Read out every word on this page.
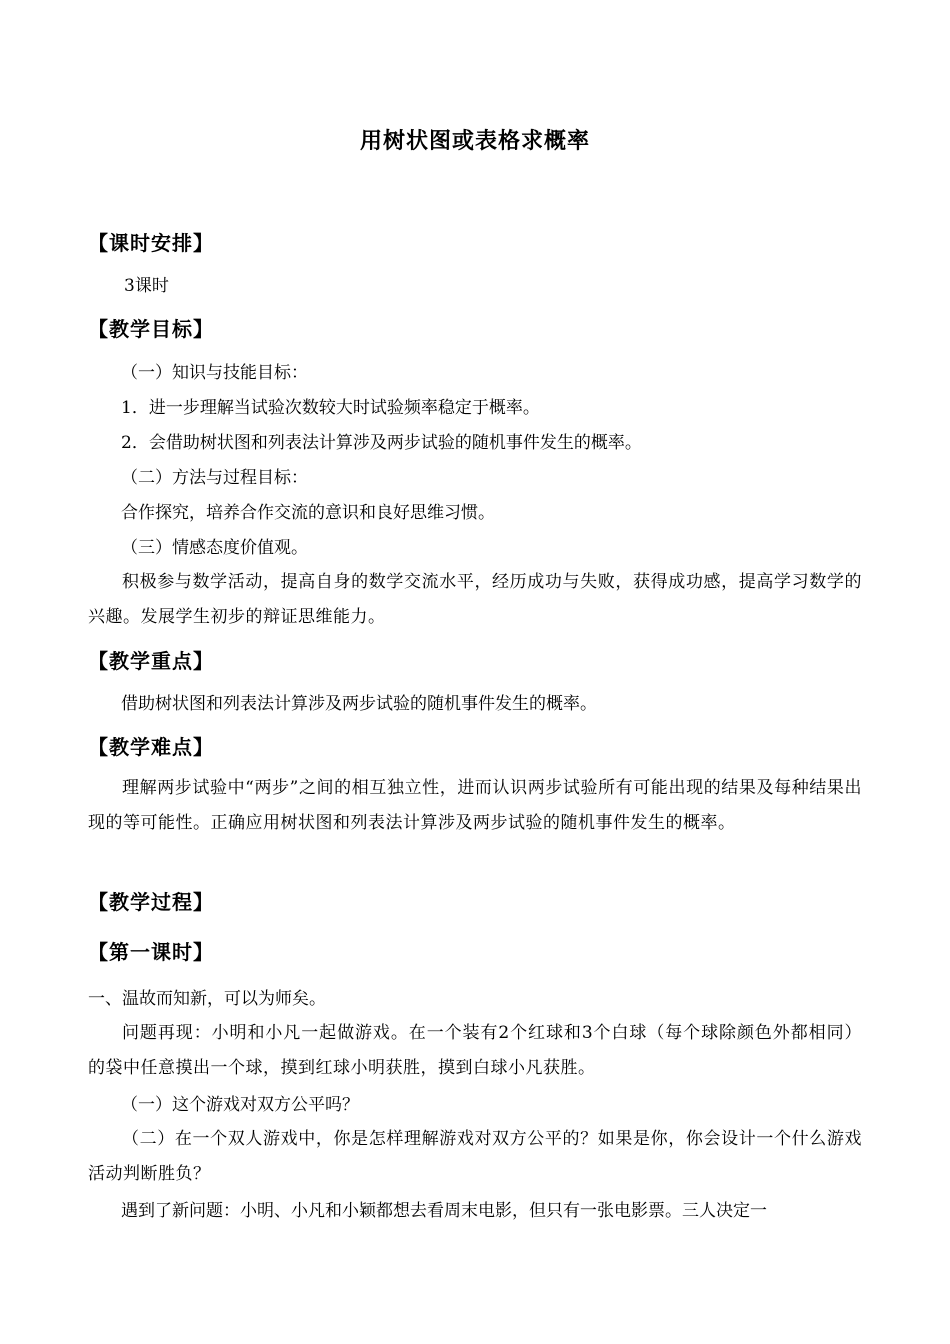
用树状图或表格求概率
【课时安排】
3课时
【教学目标】
（一）知识与技能目标：
1．进一步理解当试验次数较大时试验频率稳定于概率。
2．会借助树状图和列表法计算涉及两步试验的随机事件发生的概率。
（二）方法与过程目标：
合作探究，培养合作交流的意识和良好思维习惯。
（三）情感态度价值观。
积极参与数学活动，提高自身的数学交流水平，经历成功与失败，获得成功感，提高学习数学的兴趣。发展学生初步的辩证思维能力。
【教学重点】
借助树状图和列表法计算涉及两步试验的随机事件发生的概率。
【教学难点】
理解两步试验中“两步”之间的相互独立性，进而认识两步试验所有可能出现的结果及每种结果出现的等可能性。正确应用树状图和列表法计算涉及两步试验的随机事件发生的概率。
【教学过程】
【第一课时】
一、温故而知新，可以为师矣。
问题再现：小明和小凡一起做游戏。在一个装有2个红球和3个白球（每个球除颜色外都相同）的袋中任意摸出一个球，摸到红球小明获胜，摸到白球小凡获胜。
（一）这个游戏对双方公平吗？
（二）在一个双人游戏中，你是怎样理解游戏对双方公平的？如果是你，你会设计一个什么游戏活动判断胜负？
遇到了新问题：小明、小凡和小颖都想去看周末电影，但只有一张电影票。三人决定一
